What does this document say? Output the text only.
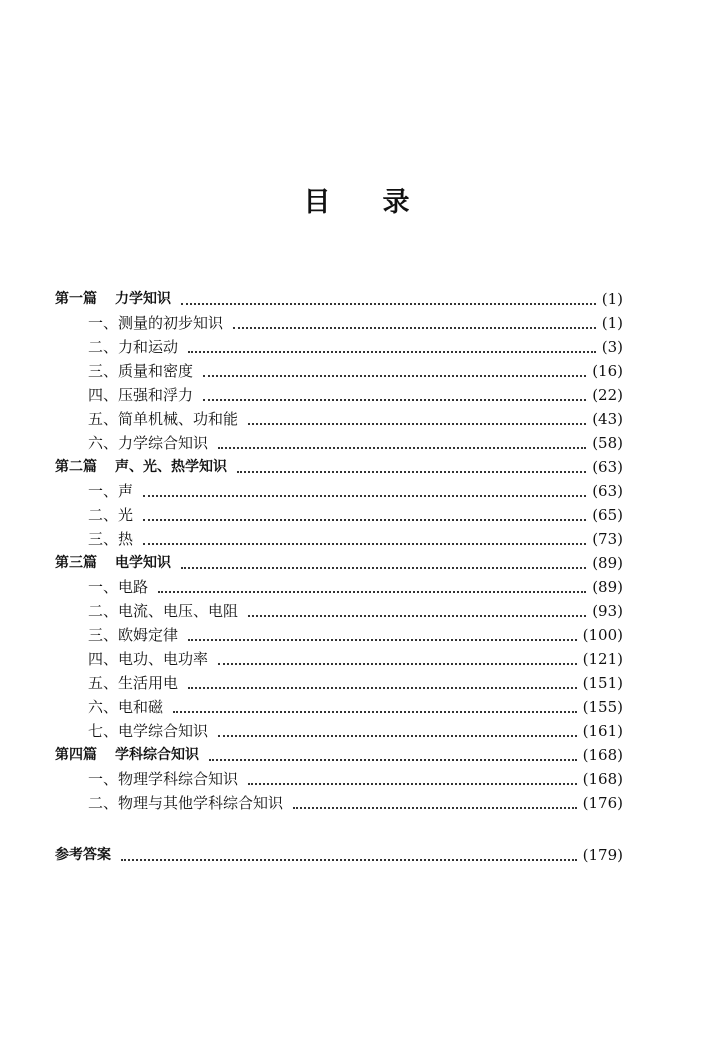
目 录
第一篇 力学知识	(1)
一、测量的初步知识	(1)
二、力和运动	(3)
三、质量和密度	(16)
四、压强和浮力	(22)
五、简单机械、功和能	(43)
六、力学综合知识	(58)
第二篇 声、光、热学知识	(63)
一、声	(63)
二、光	(65)
三、热	(73)
第三篇 电学知识	(89)
一、电路	(89)
二、电流、电压、电阻	(93)
三、欧姆定律	(100)
四、电功、电功率	(121)
五、生活用电	(151)
六、电和磁	(155)
七、电学综合知识	(161)
第四篇 学科综合知识	(168)
一、物理学科综合知识	(168)
二、物理与其他学科综合知识	(176)
参考答案	(179)
